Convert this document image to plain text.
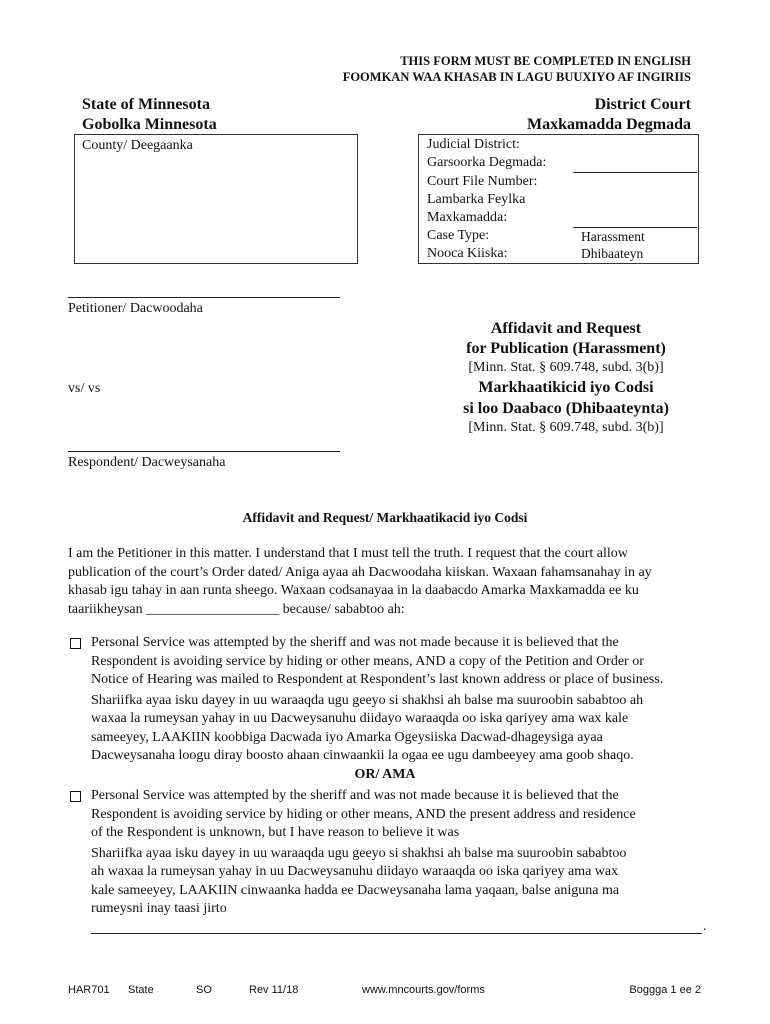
THIS FORM MUST BE COMPLETED IN ENGLISH
FOOMKAN WAA KHASAB IN LAGU BUUXIYO AF INGIRIIS
State of Minnesota
Gobolka Minnesota
District Court
Maxkamadda Degmada
County/ Deegaanka	Judicial District:
Garsoorka Degmada:
Court File Number:
Lambarka Feylka
Maxkamadda:
Case Type:
Nooca Kiiska:
Harassment
Dhibaateyn
Petitioner/ Dacwoodaha
vs/ vs
Respondent/ Dacweysanaha
Affidavit and Request
for Publication (Harassment)
[Minn. Stat. § 609.748, subd. 3(b)]
Markhaatikicid iyo Codsi
si loo Daabaco (Dhibaateynta)
[Minn. Stat. § 609.748, subd. 3(b)]
Affidavit and Request/ Markhaatikacid iyo Codsi
I am the Petitioner in this matter. I understand that I must tell the truth. I request that the court allow
publication of the court’s Order dated/ Aniga ayaa ah Dacwoodaha kiiskan. Waxaan fahamsanahay in ay
khasab igu tahay in aan runta sheego. Waxaan codsanayaa in la daabacdo Amarka Maxkamadda ee ku
taariikheysan ___________________ because/ sababtoo ah:
Personal Service was attempted by the sheriff and was not made because it is believed that the
Respondent is avoiding service by hiding or other means, AND a copy of the Petition and Order or
Notice of Hearing was mailed to Respondent at Respondent’s last known address or place of business.
Shariifka ayaa isku dayey in uu waraaqda ugu geeyo si shakhsi ah balse ma suuroobin sababtoo ah
waxaa la rumeysan yahay in uu Dacweysanuhu diidayo waraaqda oo iska qariyey ama wax kale
sameeyey, LAAKIIN koobbiga Dacwada iyo Amarka Ogeysiiska Dacwad-dhageysiga ayaa
Dacweysanaha loogu diray boosto ahaan cinwaankii la ogaa ee ugu dambeeyey ama goob shaqo.
OR/ AMA
Personal Service was attempted by the sheriff and was not made because it is believed that the
Respondent is avoiding service by hiding or other means, AND the present address and residence
of the Respondent is unknown, but I have reason to believe it was
Shariifka ayaa isku dayey in uu waraaqda ugu geeyo si shakhsi ah balse ma suuroobin sababtoo
ah waxaa la rumeysan yahay in uu Dacweysanuhu diidayo waraaqda oo iska qariyey ama wax
kale sameeyey, LAAKIIN cinwaanka hadda ee Dacweysanaha lama yaqaan, balse aniguna ma
rumeysni inay taasi jirto
.
HAR701 State	SO	Rev 11/18	www.mncourts.gov/forms	Boggga 1 ee 2
